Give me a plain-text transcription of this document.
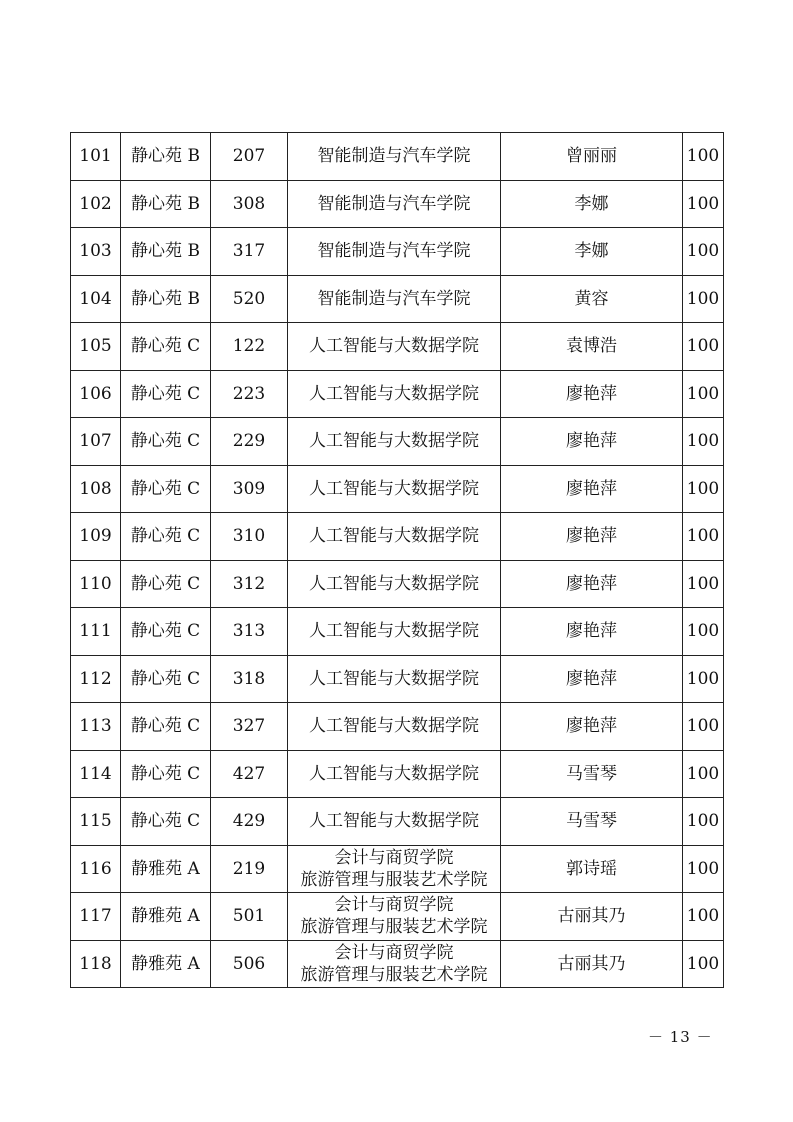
101	静心苑 B	207	智能制造与汽车学院	曾丽丽	100
102	静心苑 B	308	智能制造与汽车学院	李娜	100
103	静心苑 B	317	智能制造与汽车学院	李娜	100
104	静心苑 B	520	智能制造与汽车学院	黄容	100
105	静心苑 C	122	人工智能与大数据学院	袁博浩	100
106	静心苑 C	223	人工智能与大数据学院	廖艳萍	100
107	静心苑 C	229	人工智能与大数据学院	廖艳萍	100
108	静心苑 C	309	人工智能与大数据学院	廖艳萍	100
109	静心苑 C	310	人工智能与大数据学院	廖艳萍	100
110	静心苑 C	312	人工智能与大数据学院	廖艳萍	100
111	静心苑 C	313	人工智能与大数据学院	廖艳萍	100
112	静心苑 C	318	人工智能与大数据学院	廖艳萍	100
113	静心苑 C	327	人工智能与大数据学院	廖艳萍	100
114	静心苑 C	427	人工智能与大数据学院	马雪琴	100
115	静心苑 C	429	人工智能与大数据学院	马雪琴	100
116	静雅苑 A	219	会计与商贸学院
旅游管理与服装艺术学院	郭诗瑶	100
117	静雅苑 A	501	会计与商贸学院
旅游管理与服装艺术学院	古丽其乃	100
118	静雅苑 A	506	会计与商贸学院
旅游管理与服装艺术学院	古丽其乃	100
－ 13 －
